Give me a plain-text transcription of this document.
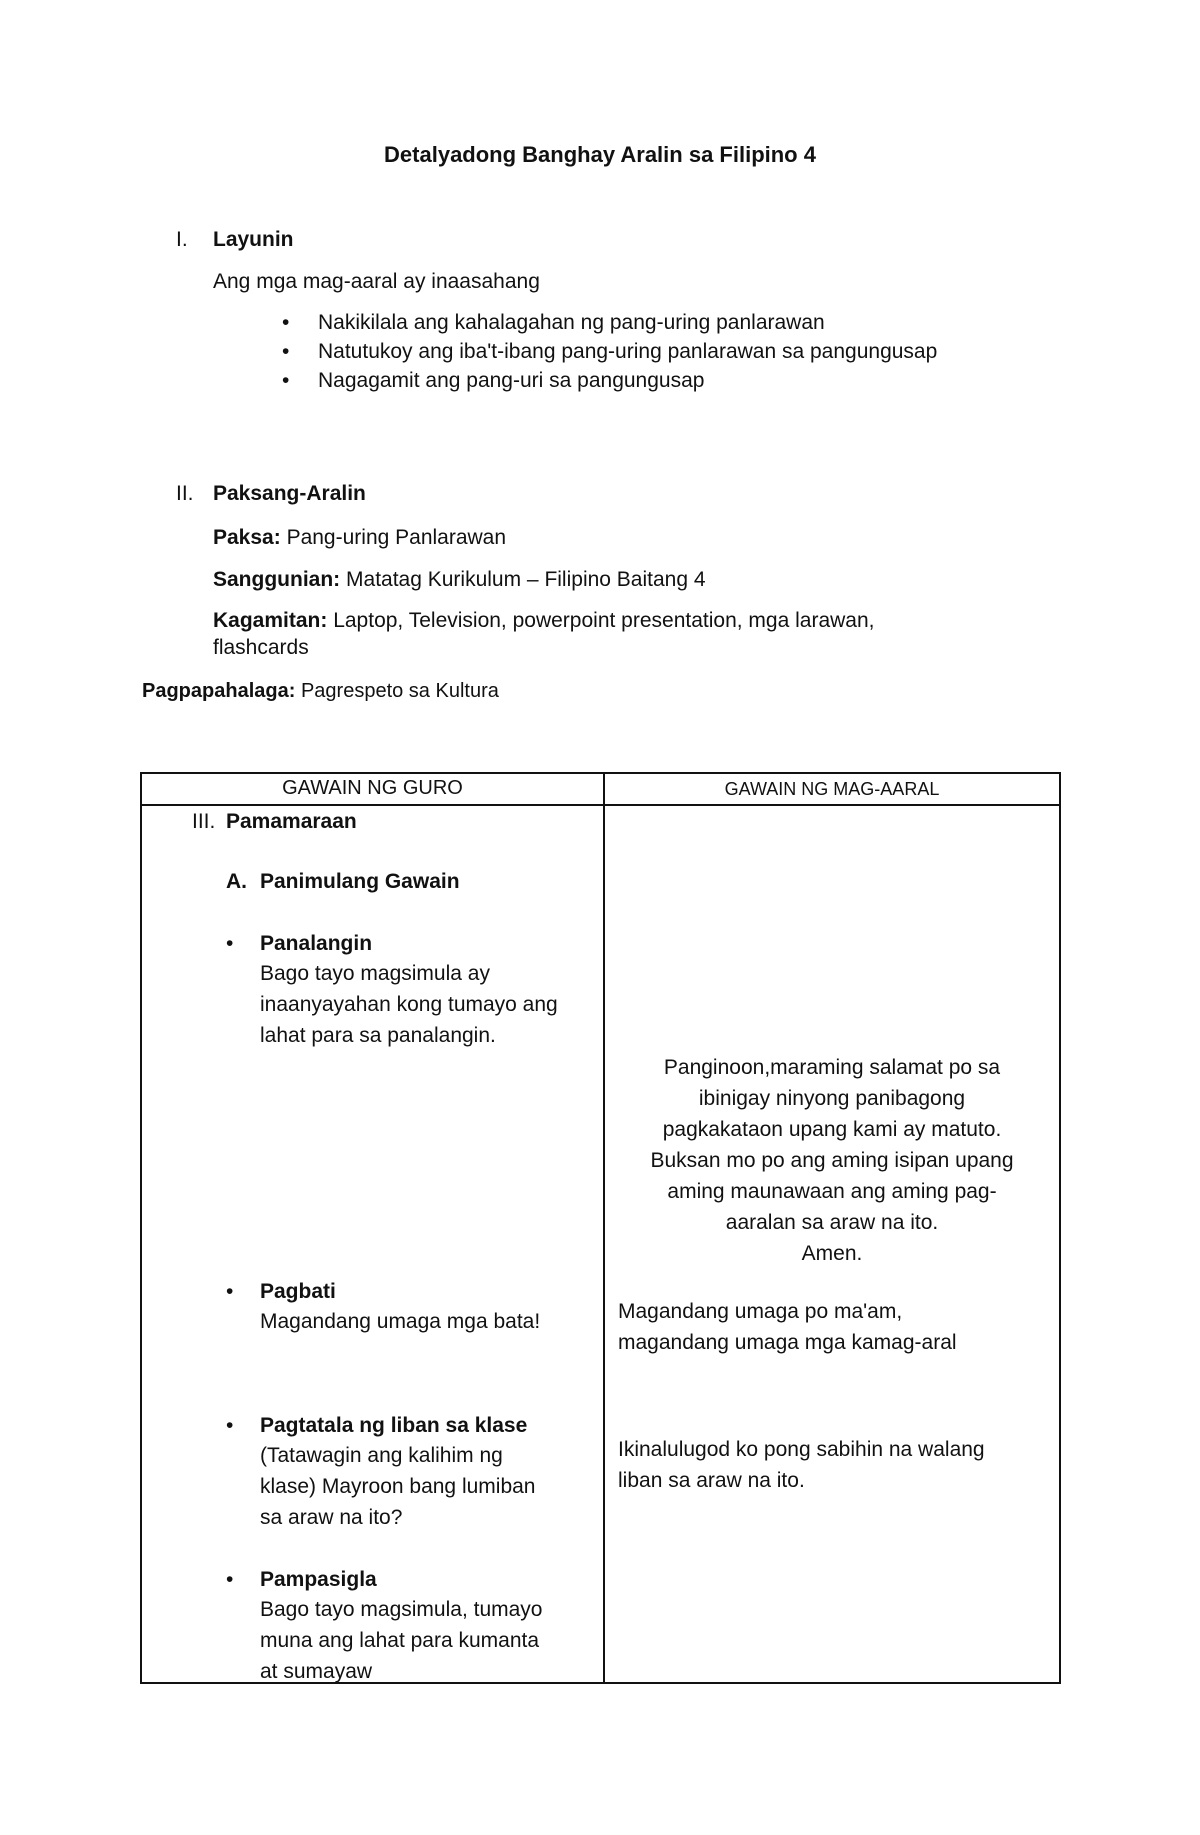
Detalyadong Banghay Aralin sa Filipino 4
I. Layunin
Ang mga mag-aaral ay inaasahang
• Nakikilala ang kahalagahan ng pang-uring panlarawan
• Natutukoy ang iba't-ibang pang-uring panlarawan sa pangungusap
• Nagagamit ang pang-uri sa pangungusap
II. Paksang-Aralin
Paksa: Pang-uring Panlarawan
Sanggunian: Matatag Kurikulum – Filipino Baitang 4
Kagamitan: Laptop, Television, powerpoint presentation, mga larawan,
flashcards
Pagpapahalaga: Pagrespeto sa Kultura
GAWAIN NG GURO	GAWAIN NG MAG-AARAL
III. Pamamaraan
A. Panimulang Gawain
• Panalangin
Bago tayo magsimula ay
inaanyayahan kong tumayo ang
lahat para sa panalangin.
Panginoon,maraming salamat po sa
ibinigay ninyong panibagong
pagkakataon upang kami ay matuto.
Buksan mo po ang aming isipan upang
aming maunawaan ang aming pag-
aaralan sa araw na ito.
Amen.
• Pagbati
Magandang umaga mga bata!	Magandang umaga po ma'am,
magandang umaga mga kamag-aral
• Pagtatala ng liban sa klase
(Tatawagin ang kalihim ng
klase) Mayroon bang lumiban
sa araw na ito?
Ikinalulugod ko pong sabihin na walang
liban sa araw na ito.
• Pampasigla
Bago tayo magsimula, tumayo
muna ang lahat para kumanta
at sumayaw
